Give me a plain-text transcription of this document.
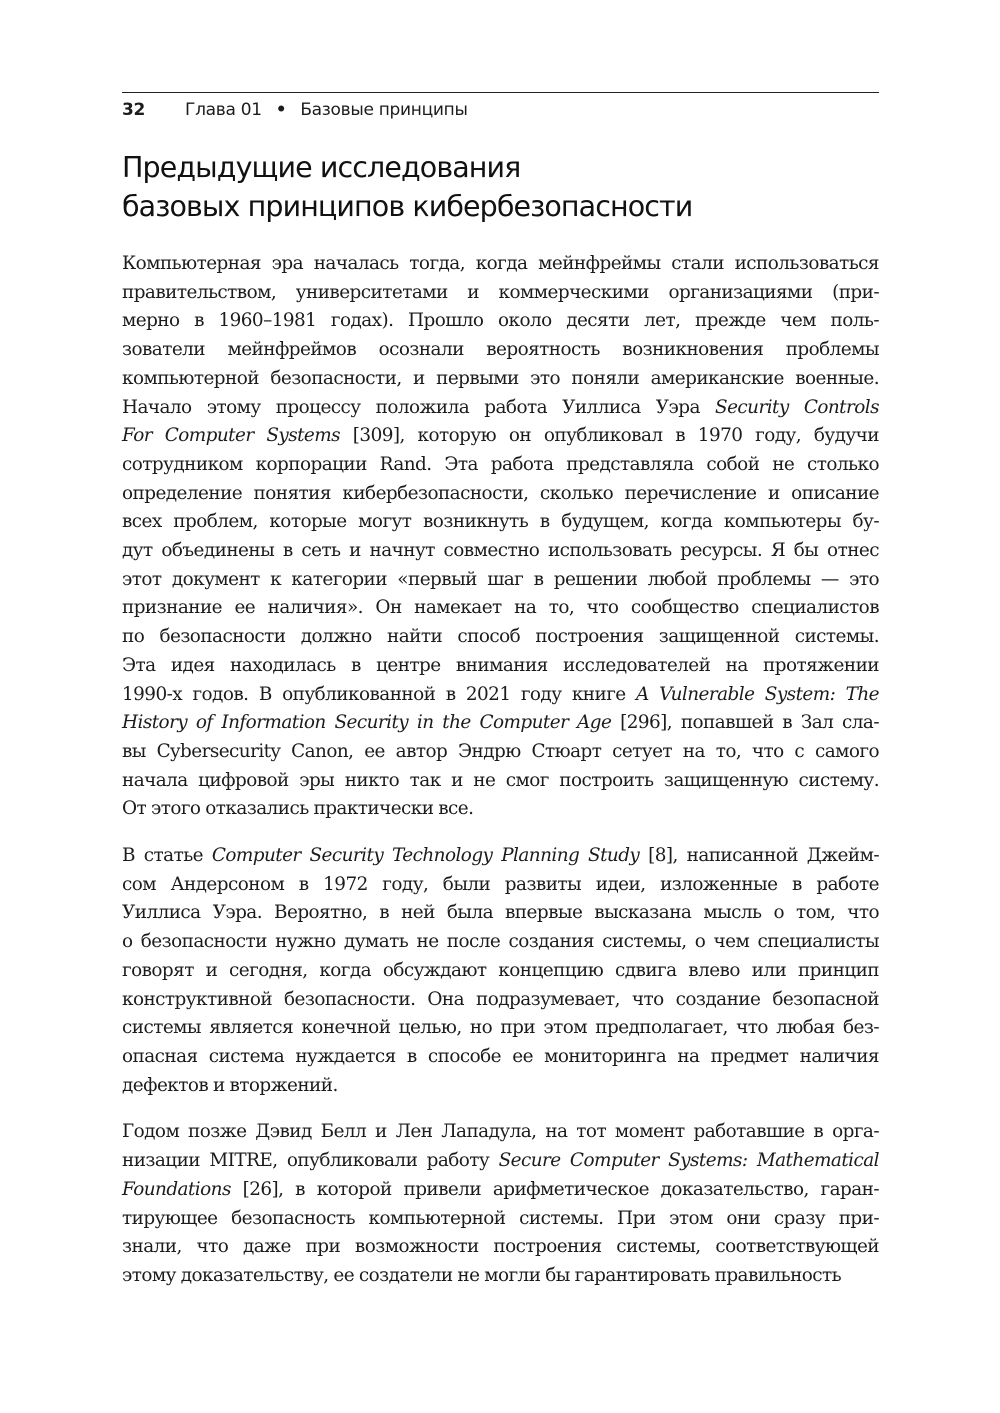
32	Глава 01 • Базовые принципы
Предыдущие исследования
базовых принципов кибербезопасности

Компьютерная эра началась тогда, когда мейнфреймы стали использоваться
правительством, университетами и коммерческими организациями (при-
мерно в 1960–1981 годах). Прошло около десяти лет, прежде чем поль-
зователи мейнфреймов осознали вероятность возникновения проблемы
компьютерной безопасности, и первыми это поняли американские военные.
Начало этому процессу положила работа Уиллиса Уэра Security Controls
For Computer Systems [309], которую он опубликовал в 1970 году, будучи
сотрудником корпорации Rand. Эта работа представляла собой не столько
определение понятия кибербезопасности, сколько перечисление и описание
всех проблем, которые могут возникнуть в будущем, когда компьютеры бу-
дут объединены в сеть и начнут совместно использовать ресурсы. Я бы отнес
этот документ к категории «первый шаг в решении любой проблемы — это
признание ее наличия». Он намекает на то, что сообщество специалистов
по безопасности должно найти способ построения защищенной системы.
Эта идея находилась в центре внимания исследователей на протяжении
1990-х годов. В опубликованной в 2021 году книге A Vulnerable System: The
History of Information Security in the Computer Age [296], попавшей в Зал сла-
вы Cybersecurity Canon, ее автор Эндрю Стюарт сетует на то, что с самого
начала цифровой эры никто так и не смог построить защищенную систему.
От этого отказались практически все.

В статье Computer Security Technology Planning Study [8], написанной Джейм-
сом Андерсоном в 1972 году, были развиты идеи, изложенные в работе
Уиллиса Уэра. Вероятно, в ней была впервые высказана мысль о том, что
о безопасности нужно думать не после создания системы, о чем специалисты
говорят и сегодня, когда обсуждают концепцию сдвига влево или принцип
конструктивной безопасности. Она подразумевает, что создание безопасной
системы является конечной целью, но при этом предполагает, что любая без-
опасная система нуждается в способе ее мониторинга на предмет наличия
дефектов и вторжений.

Годом позже Дэвид Белл и Лен Лападула, на тот момент работавшие в орга-
низации MITRE, опубликовали работу Secure Computer Systems: Mathematical
Foundations [26], в которой привели арифметическое доказательство, гаран-
тирующее безопасность компьютерной системы. При этом они сразу при-
знали, что даже при возможности построения системы, соответствующей
этому доказательству, ее создатели не могли бы гарантировать правильность
